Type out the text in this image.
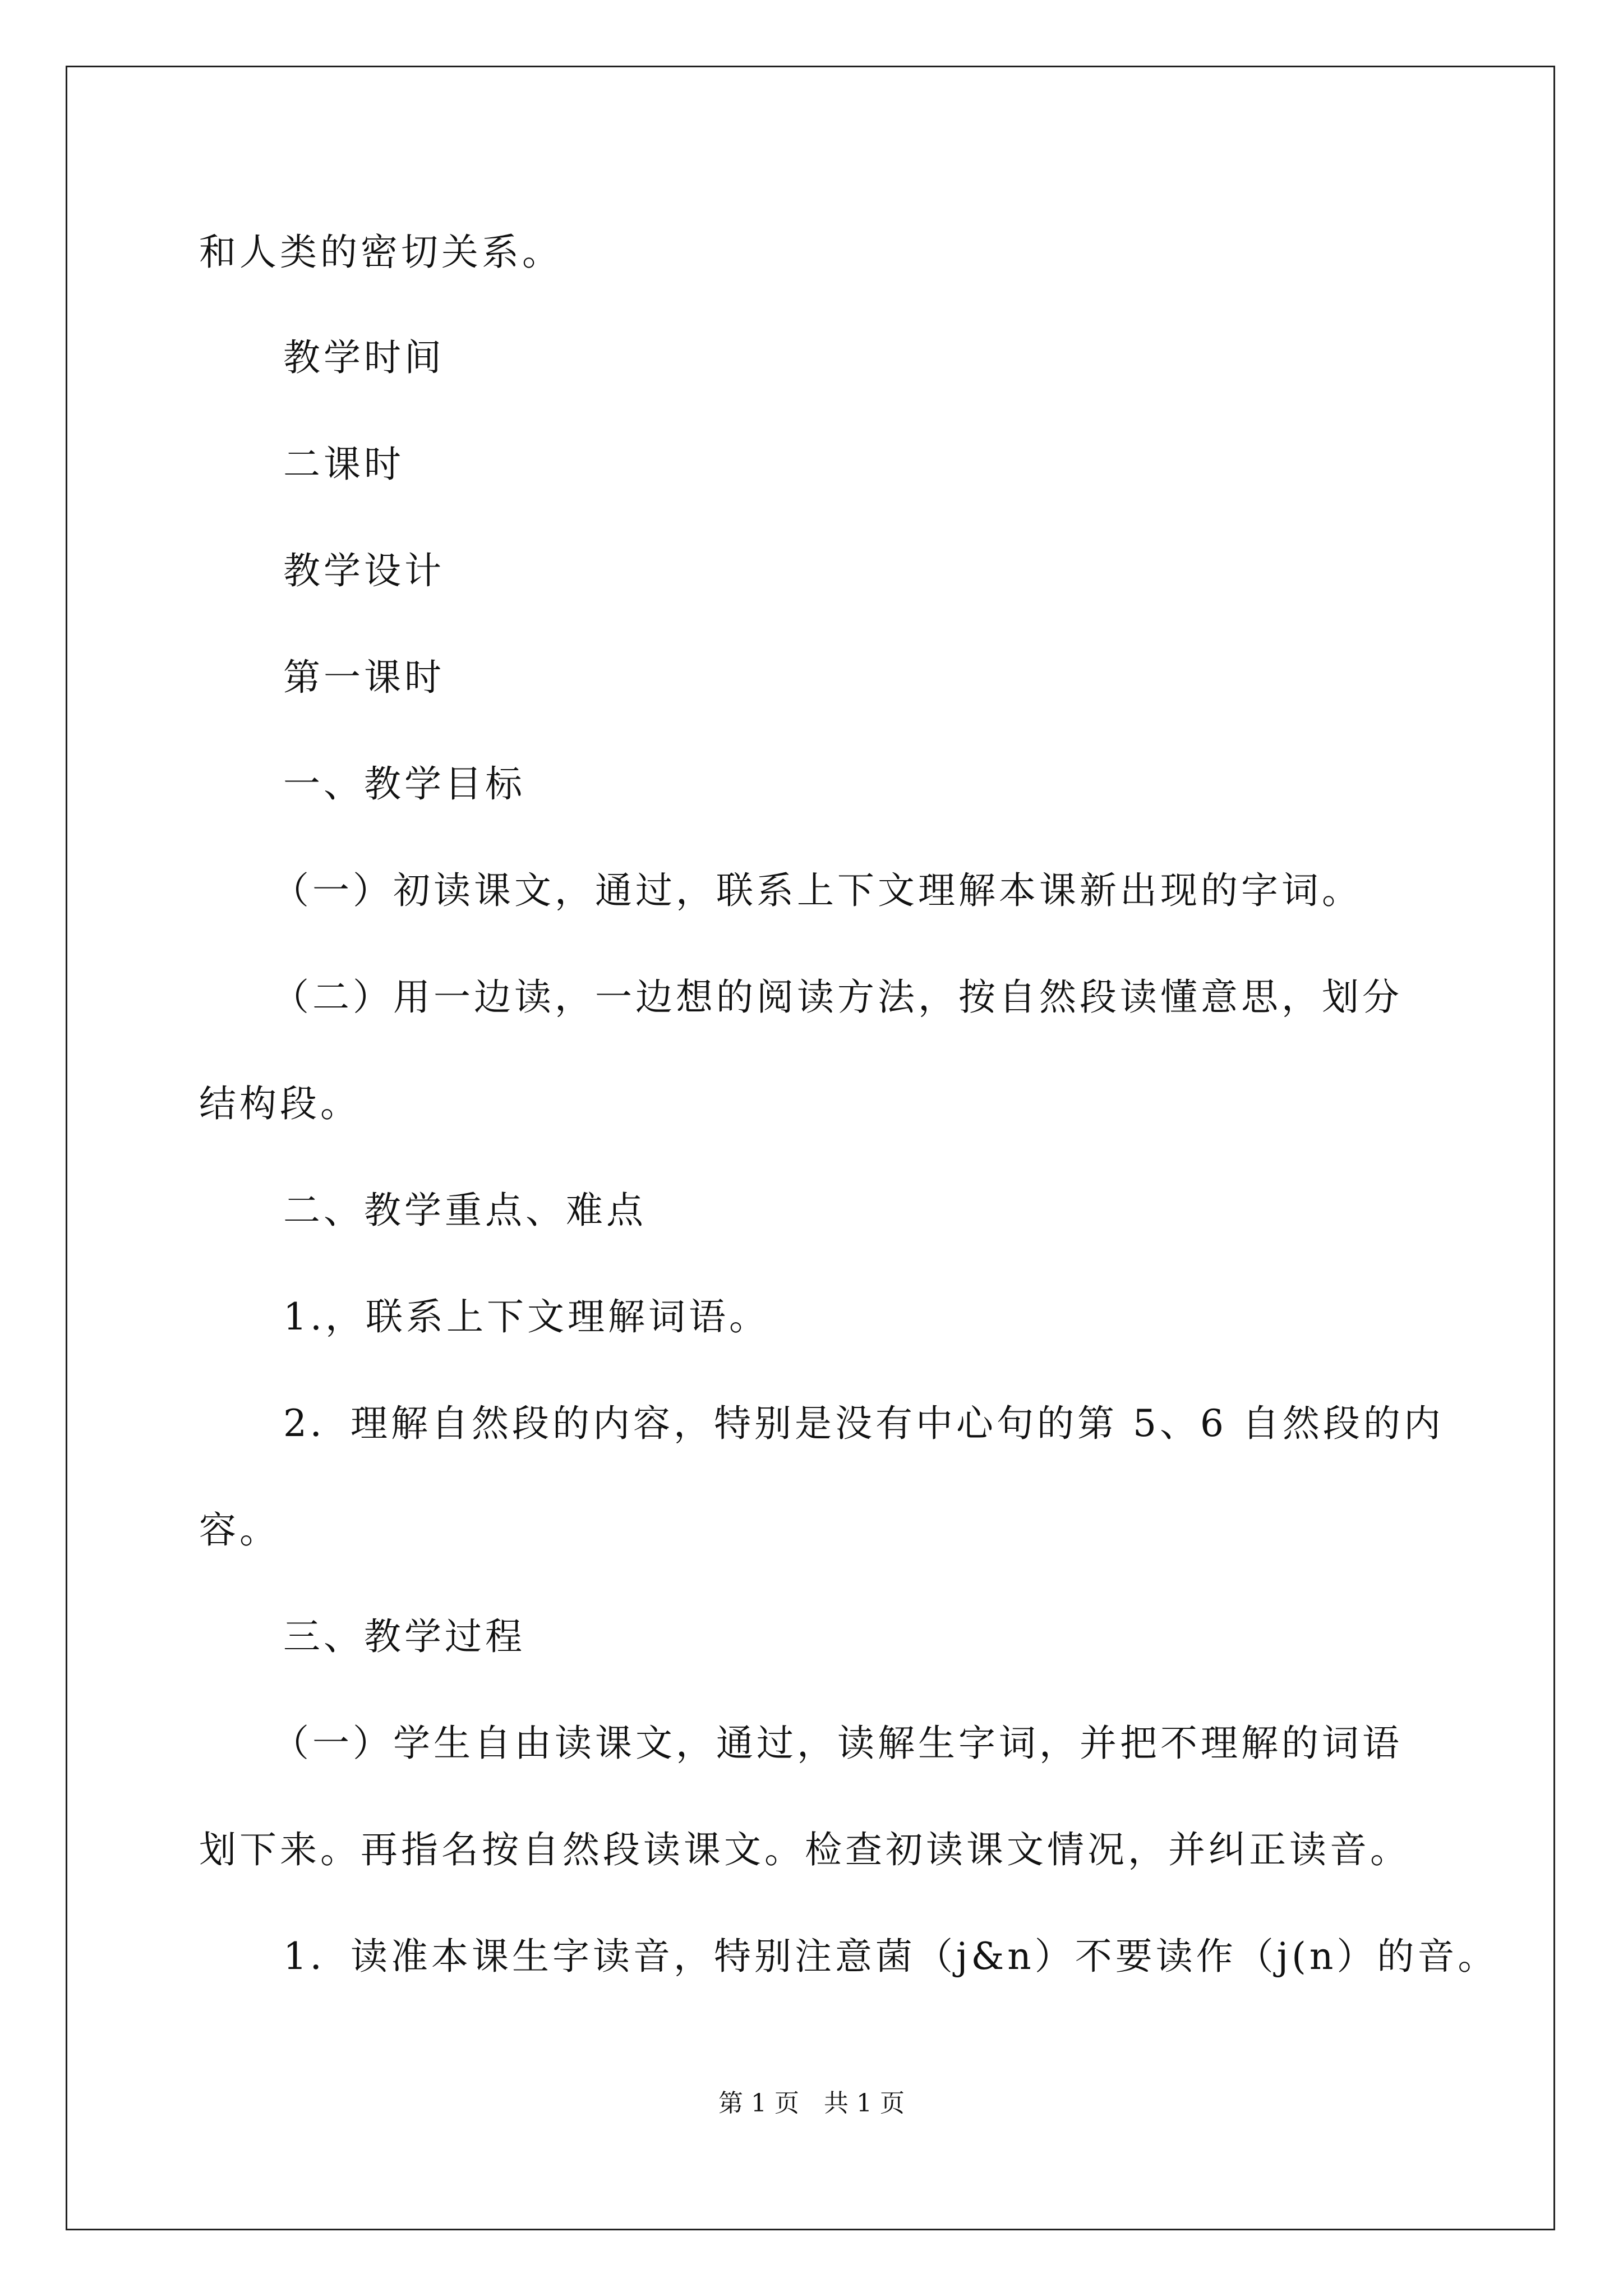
和人类的密切关系。
教学时间
二课时
教学设计
第一课时
一、教学目标
（一）初读课文，通过，联系上下文理解本课新出现的字词。
（二）用一边读，一边想的阅读方法，按自然段读懂意思，划分
结构段。
二、教学重点、难点
1.，联系上下文理解词语。
2．理解自然段的内容，特别是没有中心句的第 5、6 自然段的内
容。
三、教学过程
（一）学生自由读课文，通过，读解生字词，并把不理解的词语
划下来。再指名按自然段读课文。检查初读课文情况，并纠正读音。
1．读准本课生字读音，特别注意菌（j&n）不要读作（j(n）的音。
第 1 页　共 1 页
